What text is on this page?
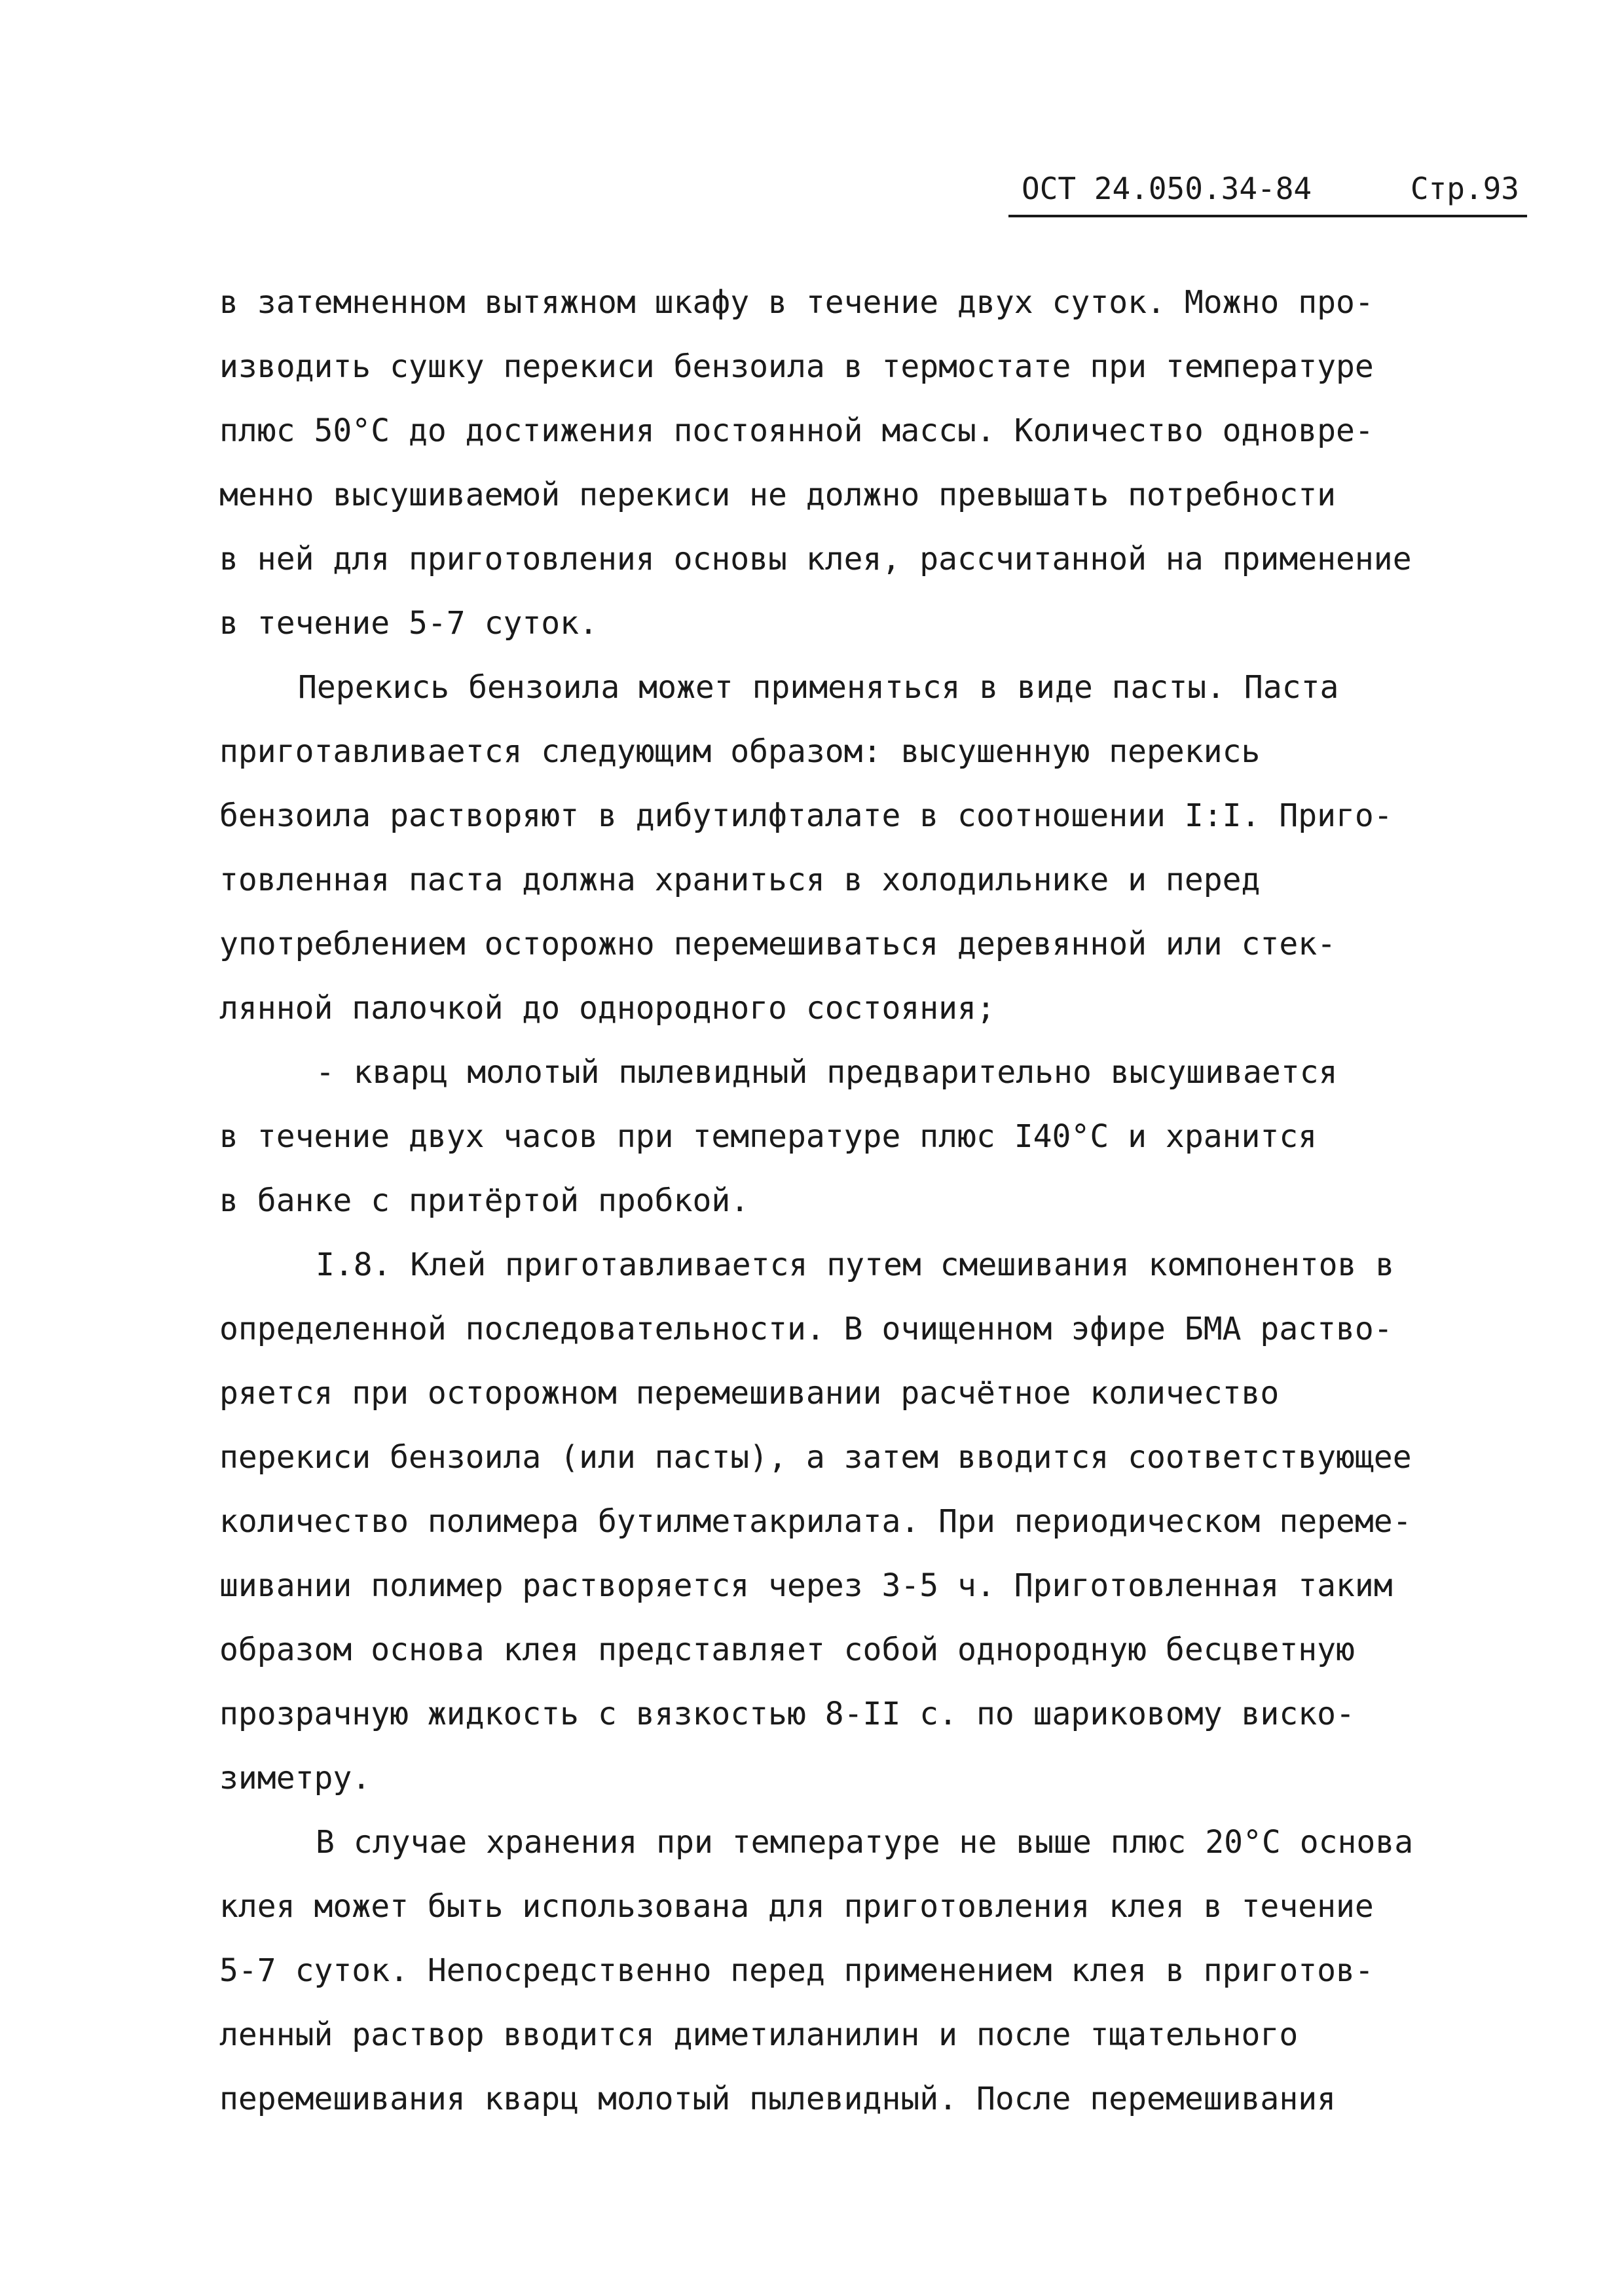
ОСТ 24.050.34-84	Стр.93
в затемненном вытяжном шкафу в течение двух суток. Можно про-
изводить сушку перекиси бензоила в термостате при температуре
плюс 50°С до достижения постоянной массы. Количество одновре-
менно высушиваемой перекиси не должно превышать потребности
в ней для приготовления основы клея, рассчитанной на применение
в течение 5-7 суток.
Перекись бензоила может применяться в виде пасты. Паста
приготавливается следующим образом: высушенную перекись
бензоила растворяют в дибутилфталате в соотношении I:I. Приго-
товленная паста должна храниться в холодильнике и перед
употреблением осторожно перемешиваться деревянной или стек-
лянной палочкой до однородного состояния;
- кварц молотый пылевидный предварительно высушивается
в течение двух часов при температуре плюс I40°С и хранится
в банке с притёртой пробкой.
I.8. Клей приготавливается путем смешивания компонентов в
определенной последовательности. В очищенном эфире БМА раство-
ряется при осторожном перемешивании расчётное количество
перекиси бензоила (или пасты), а затем вводится соответствующее
количество полимера бутилметакрилата. При периодическом переме-
шивании полимер растворяется через 3-5 ч. Приготовленная таким
образом основа клея представляет собой однородную бесцветную
прозрачную жидкость с вязкостью 8-II с. по шариковому виско-
зиметру.
В случае хранения при температуре не выше плюс 20°С основа
клея может быть использована для приготовления клея в течение
5-7 суток. Непосредственно перед применением клея в приготов-
ленный раствор вводится диметиланилин и после тщательного
перемешивания кварц молотый пылевидный. После перемешивания
